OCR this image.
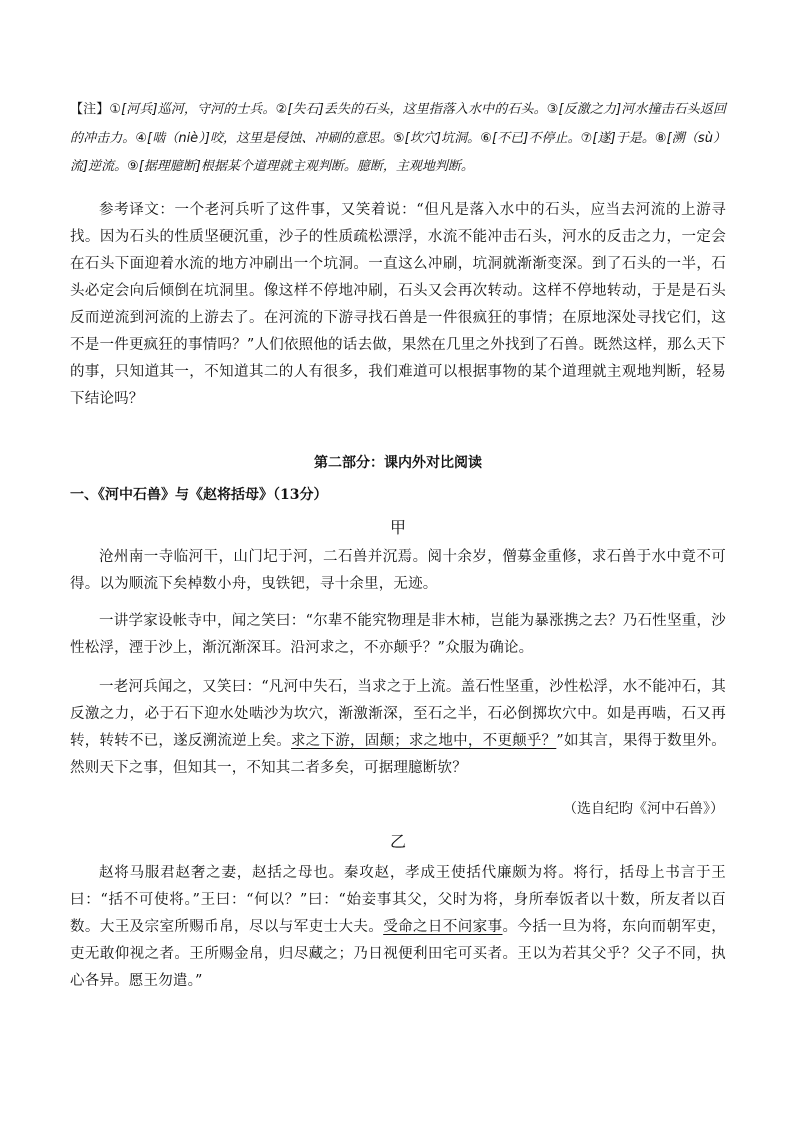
【注】①[河兵]巡河，守河的士兵。②[失石]丢失的石头，这里指落入水中的石头。③[反激之力]河水撞击石头返回的冲击力。④[啮（niè）]咬，这里是侵蚀、冲刷的意思。⑤[坎穴]坑洞。⑥[不已]不停止。⑦[遂]于是。⑧[溯（sù）流]逆流。⑨[据理臆断]根据某个道理就主观判断。臆断，主观地判断。

参考译文：一个老河兵听了这件事，又笑着说：“但凡是落入水中的石头，应当去河流的上游寻找。因为石头的性质坚硬沉重，沙子的性质疏松漂浮，水流不能冲击石头，河水的反击之力，一定会在石头下面迎着水流的地方冲刷出一个坑洞。一直这么冲刷，坑洞就渐渐变深。到了石头的一半，石头必定会向后倾倒在坑洞里。像这样不停地冲刷，石头又会再次转动。这样不停地转动，于是是石头反而逆流到河流的上游去了。在河流的下游寻找石兽是一件很疯狂的事情；在原地深处寻找它们，这不是一件更疯狂的事情吗？”人们依照他的话去做，果然在几里之外找到了石兽。既然这样，那么天下的事，只知道其一，不知道其二的人有很多，我们难道可以根据事物的某个道理就主观地判断，轻易下结论吗？

第二部分：课内外对比阅读

一、《河中石兽》与《赵将括母》（13分）

甲

沧州南一寺临河干，山门圮于河，二石兽并沉焉。阅十余岁，僧募金重修，求石兽于水中竟不可得。以为顺流下矣棹数小舟，曳铁钯，寻十余里，无迹。

一讲学家设帐寺中，闻之笑曰：“尔辈不能究物理是非木柿，岂能为暴涨携之去？乃石性坚重，沙性松浮，湮于沙上，渐沉渐深耳。沿河求之，不亦颠乎？”众服为确论。

一老河兵闻之，又笑曰：“凡河中失石，当求之于上流。盖石性坚重，沙性松浮，水不能冲石，其反激之力，必于石下迎水处啮沙为坎穴，渐激渐深，至石之半，石必倒掷坎穴中。如是再啮，石又再转，转转不已，遂反溯流逆上矣。求之下游，固颠；求之地中，不更颠乎？”如其言，果得于数里外。然则天下之事，但知其一，不知其二者多矣，可据理臆断欤？

（选自纪昀《河中石兽》）

乙

赵将马服君赵奢之妻，赵括之母也。秦攻赵，孝成王使括代廉颇为将。将行，括母上书言于王曰：“括不可使将。”王曰：“何以？”曰：“始妾事其父，父时为将，身所奉饭者以十数，所友者以百数。大王及宗室所赐币帛，尽以与军吏士大夫。受命之日不问家事。今括一旦为将，东向而朝军吏，吏无敢仰视之者。王所赐金帛，归尽藏之；乃日视便利田宅可买者。王以为若其父乎？父子不同，执心各异。愿王勿遣。”
